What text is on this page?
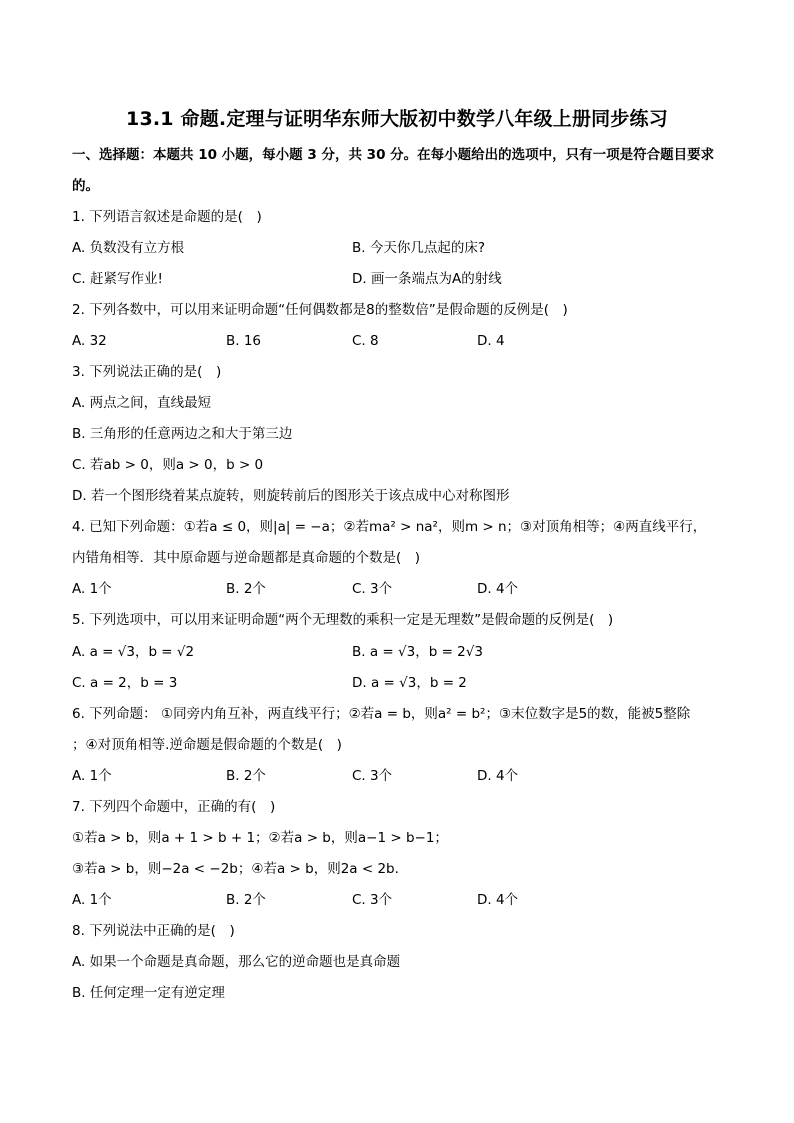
13.1 命题.定理与证明华东师大版初中数学八年级上册同步练习
一、选择题：本题共 10 小题，每小题 3 分，共 30 分。在每小题给出的选项中，只有一项是符合题目要求
的。
1. 下列语言叙述是命题的是(　)
A. 负数没有立方根	B. 今天你几点起的床?
C. 赶紧写作业!	D. 画一条端点为A的射线
2. 下列各数中，可以用来证明命题“任何偶数都是8的整数倍”是假命题的反例是(　)
A. 32	B. 16	C. 8	D. 4
3. 下列说法正确的是(　)
A. 两点之间，直线最短
B. 三角形的任意两边之和大于第三边
C. 若ab > 0，则a > 0，b > 0
D. 若一个图形绕着某点旋转，则旋转前后的图形关于该点成中心对称图形
4. 已知下列命题：①若a ≤ 0，则|a| = −a；②若ma² > na²，则m > n；③对顶角相等；④两直线平行，
内错角相等．其中原命题与逆命题都是真命题的个数是(　)
A. 1个	B. 2个	C. 3个	D. 4个
5. 下列选项中，可以用来证明命题“两个无理数的乘积一定是无理数”是假命题的反例是(　)
A. a = √3，b = √2	B. a = √3，b = 2√3
C. a = 2，b = 3	D. a = √3，b = 2
6. 下列命题： ①同旁内角互补，两直线平行；②若a = b，则a² = b²；③末位数字是5的数，能被5整除
；④对顶角相等.逆命题是假命题的个数是(　)
A. 1个	B. 2个	C. 3个	D. 4个
7. 下列四个命题中，正确的有(　)
①若a > b，则a + 1 > b + 1；②若a > b，则a−1 > b−1；
③若a > b，则−2a < −2b；④若a > b，则2a < 2b.
A. 1个	B. 2个	C. 3个	D. 4个
8. 下列说法中正确的是(　)
A. 如果一个命题是真命题，那么它的逆命题也是真命题
B. 任何定理一定有逆定理
